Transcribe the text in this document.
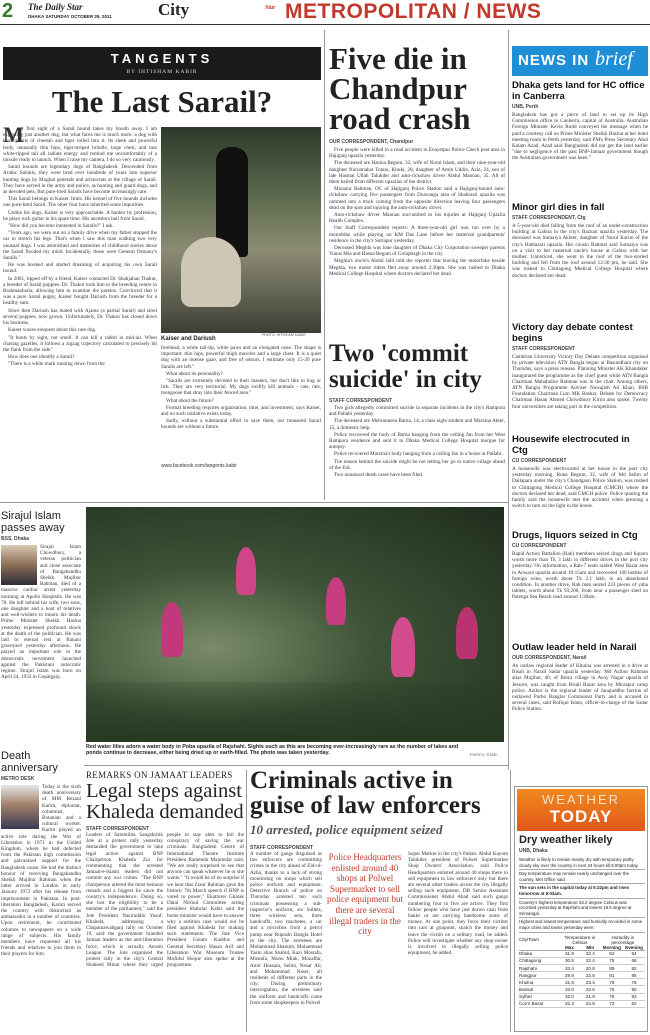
2 The Daily Star
DHAKA SATURDAY OCTOBER 29, 2011	City	Star METROPOLITAN / NEWS
TANGENTS
BY IHTISHAM KABIR
The Last Sarail?
M

y first sight of a Sarail hound takes my breath away. I am expecting just another dog, but what faces me is much more: a dog with healthy bits of cheetah and tiger rolled into it. Its sleek and powerful body, unusually thin hips, tiger-striped brindle, large chest, and taut white-tipped tail all radiate energy and remind me uncomfortably of a missile ready to launch. When I raise my camera, I do so very cautiously.

Sarail hounds are legendary dogs of Bangladesh. Descended from Arabic Salukis, they were bred over hundreds of years into superior hunting dogs by Mughal generals and aristocrats at the village of Sarail. They have served in the army and police, as hunting and guard dogs, and as devoted pets. But pure-bred Sarails have become increasingly rare.

This Sarail belongs to Kaiser. Imtis. His kennel of five hounds includes one pure-bred Sarail. The other four have inherited some impurities.

Unlike his dogs, Kaiser is very approachable. A banker by profession, he plays rock guitar in his spare time. His ancestors hail from Sarail.

"How did you become interested in Sarails?" I ask.

"Years ago, we were out on a family drive when my father stopped the car to stretch his legs. That's when I saw this man walking two very unusual dogs. I was astonished and memories of childhood stories about the Sarail flooded my mind. Incidentally, those were General Osmany's Sarails."

He was hooked and started dreaming of acquiring his own Sarail hound.

In 2001, tipped off by a friend, Kaiser contacted Dr. Shahjahan Thakur, a breeder of Sarail puppies. Dr. Thakur took him to the breeding centre in Brahmanbaria, allowing him to examine the parents. Convinced that it was a pure Sarail puppy, Kaiser bought Dariush from the breeder for a healthy sum.

Since then Dariush has mated with Ajanta (a partial Sarail) and sired several puppies, now grown. Unfortunately, Dr. Thakur has closed down his business.

Kaiser waxes eloquent about this rare dog.

"It hunts by sight, not smell. It can kill a rabbit in mid-air. When chasing gazelles, it follows a zigzag trajectory calculated to precisely hit the flank from the side."

How does one identify a Sarail?

"There is a white mark running down from the

Kaiser and Dariush
PHOTO: IHTISHAM KABIR

forehead, a white tail-tip, white paws and an elongated nose. The shape is important: thin hips, powerful thigh muscles and a large chest. It is a quiet dog with an intense gaze, and free of odours. I estimate only 15-20 pure Sarails are left."

What about its personality?

"Sarails are extremely devoted to their masters, but don't like to hug or lick. They are very territorial. My dogs swiftly kill animals - cats, rats, mongoose that stray into their fenced area."

What about the future?

Formal breeding requires organisation, time, and investment, says Kaiser, and no such initiative exists today.

Sadly, without a substantial effort to save them, our treasured Sarail hounds are without a future.

www.facebook.com/tangents.kabir
Five die in Chandpur road crash
OUR CORRESPONDENT, Chandpur

Five people were killed in a road accident in Enayetpur Police Check post area in Hajiganj upazila yesterday.

The deceased are Hasina Begum, 32, wife of Nurul Islam, and their nine-year-old daughter Nurunnahar Tonnu, Khuki, 28, daughter of Amin Uddin, Aziz, 24, son of late Hasmat Ullah Talukder and auto-rickshaw driver Abdul Mannan, 35. All of them hailed from different upazilas of the district.

Mizanur Rahman, OC of Hajiganj Police Station said a Hajiganj-bound auto-rickshaw carrying five passengers from Doavanga area of Shahrasti upazila was rammed into a truck coming from the opposite direction leaving four passengers dead on the spot and injuring the auto-rickshaw driver.

Auto-rickshaw driver Mannan succumbed to his injuries at Hajiganj Upazila Health Complex.

Our Staff Correspondent reports: A three-year-old girl was run over by a motorbike while playing on KM Das Lane before her maternal grandparents' residence in the city's Sutrapur yesterday.

Deceased Meghla was lone daughter of Dhaka City Corporation sweeper parents Yunus Mia and Hasna Begum of Golapbagh in the city.

Meghla's uncle's Abdul Jalil told the reporter that leaving the motorbike beside Meghla, two motor riders fled away around 2:30pm. She was rushed to Dhaka Medical College Hospital where doctors declared her dead.

Two 'commit suicide' in city
STAFF CORRESPONDENT

Two girls allegedly committed suicide in separate incidents in the city's Rampura and Pallabi yesterday.

The deceased are Mehrunnesa Barna, 14, a class eight student and Marzina Akter, 15, a domestic help.

Police recovered the body of Barna hanging from the ceiling fan from her West Rampura residence and sent it to Dhaka Medical College Hospital morgue for autopsy.

Police recovered Marzina's body hanging from a ceiling fan in a house at Pallabi.

The reason behind the suicide might be not letting her go to native village ahead of the Eid.

Two unnatural death cases have been filed.

NEWS IN brief
Dhaka gets land for HC office in Canberra
UNB, Perth
Bangladesh has got a piece of land to set up its High Commission office in Canberra, capital of Australia. Australian Foreign Minister Kevin Rudd conveyed the message when he paid a courtesy call on Prime Minister Sheikh Hasina at her hotel meeting room in Perth yesterday, said PM's Press Secretary Abul Kalam Azad. Azad said Bangladesh did not get the land earlier "due to negligence of the past BNP-Jamaat government though the Australian government was keen."
Minor girl dies in fall
STAFF CORRESPONDENT, Ctg
A 5-year-old died falling from the roof of an under-construction building at Gahira in the city's Bazuan upazila yesterday. The deceased was Sumaiya Akhter, daughter of Nurul Karim of the city's Hathazari upazila. Her cousin Rahmat said Sumaiya was on a visit to her maternal uncle's house at Gahira with her mother. Unnoticed, she went to the roof of the two-storied building and fell from the roof around 12:30 pm, he said. She was rushed to Chittagong Medical College Hospital where doctors declared her dead.
Victory day debate contest begins
STAFF CORRESPONDENT
Cambrian University Victory Day Debate competition organised by private television ATN Bangla began at Basundhara city on Thursday, says a press release. Planning Minister AK Khandaker inaugurated the programme as the chief guest while ATN Bangla Chairman Mahabubur Rahman was in the chair. Among others, ATN Bangla Programme Adviser Nawajish Ali Khan, BSB Foundation Chairman Lion MK Bashar, Debate for Democracy Chairman Hasan Ahmed Chowdhury Kiron also spoke. Twenty four universities are taking part in the competition.
Housewife electrocuted in Ctg
CU CORRESPONDENT
A housewife was electrocuted at her house in the port city yesterday morning. Runa Begum, 32, wife of Md Selim of Dailapara under the city's Chandgaon Police Station, was rushed to Chittagong Medical College Hospital (CMCH) where the doctors declared her dead, said CMCH police. Police quoting the family said the housewife met the accident when pressing a switch to turn on the light in the house.
Drugs, liquors seized in Ctg
CU CORRESPONDENT
Rapid Action Battalion (Rab) members seized drugs and liquors worth more than Tk 3 lakh in different drives in the port city yesterday. On information, a Rab-7 team raided West Bazar area in Anwara upazila around 10:15am and recovered 160 bottles of foreign wine, worth about Tk 2.1 lakh, in an abandoned condition. In another drive, Rab men seized 233 pieces of yaba tablets, worth about Tk 93,200, from near a passenger shed on Patenga Sea Beach road around 1:30am.
Outlaw leader held in Narail
OUR CORRESPONDENT, Narail
An outlaw regional leader of Khulna was arrested in a drive at Bisali in Narail Sadar upazila yesterday. Md Azibor Rahman alias Mujibur, 40, of Borni village in Avoy Nagar upazila of Jessore, was caught from Bisali Bazar area by Mirzapur camp police. Azibor is the regional leader of Janajuddho faction of outlawed Purbo Banglar Communist Party and is accused in several cases, said Rofiqul Islam, officer-in-charge of the Sadar Police Station.
Sirajul Islam passes away
BSS, Dhaka
Sirajul Islam Chowdhury, a veteran politician and close associate of Bangabandhu Sheikh Mujibur Rahman, died of a massive cardiac arrest yesterday morning at Apollo Hospitals. He was 78. He left behind his wife, two sons, one daughter and a host of relatives and well-wishers to mourn his death. Prime Minister Sheikh Hasina yesterday expressed profound shock at the death of the politician. He was laid to eternal rest at Banani graveyard yesterday afternoon. He played an important role in the democratic movement launched against the Pakistani autocratic regime. Sirajul Islam was born on April 24, 1933 in Gopalganj.
Death anniversary
METRO DESK
Today is the sixth death anniversary of MM Rezaul Karim, diplomat, columnist, Botanian and a cultural worker. Karim played an active role during the War of Liberation in 1971 in the United Kingdom, where he had defected from the Pakistan high commission and galvanised support for the Bangladesh cause. He had the distinct honour of receiving Bangabandhu Sheikh Mujibur Rahman when the latter arrived in London in early January 1972 after his release from imprisonment in Pakistan. In post-liberation Bangladesh, Karim served the country with distinction as ambassador in a number of countries. Upon retirement, he contributed columns to newspapers on a wide range of subjects. His family members have requested all his friends and relatives to join them in their prayers for him.
Red water lilies adorn a water body in Poba upazila of Rajshahi. Sights such as this are becoming ever-increasingly rare as the number of lakes and ponds continue to decrease, either being dried up or earth-filled. The photo was taken yesterday.	PHOTO: STAR
REMARKS ON JAMAAT LEADERS
Legal steps against Khaleda demanded
STAFF CORRESPONDENT
Leaders of Sammilita Sangskritik Jote at a protest rally yesterday demanded the government to take legal action against BNP Chairperson Khaleda Zia for commenting that the arrested Jamaat-e-Islami leaders did not commit any war crimes. "The BNP chairperson uttered the most heinous remark and a biggest lie since the country's independence. Doing so, she lost the eligibility to be a member of the parliament," said the Jote President Nasiruddin Yusuf. Khaleda, addressing a Chapainawabganj rally on October 19, said the government branded Jamaat leaders as the anti-liberation force, which is actually Awami League. The Jote organised the protest rally in the city's Central Shaheed Minar where they urged people to stay alert to foil the conspiracy of saving the war criminals. Bangladesh Centre of International Theatre Institute President Ramendu Majumdar said, "We are really surprised to see that anyone can speak whatever he or she wants." "It would be of no surprise if we hear that Ziaur Rahman gave the historic 7th March speech if BNP is voted to power," Ekattorer Ghatak Dalal Nirmul Committee acting president Shahriar Kabir said the home minister would have to answer why a sedition case would not be filed against Khaleda for making such statements. The Jote Vice President Golam Kuddus and General Secretary Hasan Arif and Liberation War Museum Trustee Mofidul Hoque also spoke at the programme.
Criminals active in guise of law enforcers
10 arrested, police equipment seized
STAFF CORRESPONDENT
A number of gangs disguised as law enforcers are committing crimes in the city ahead of Eid-ul-Azha, thanks to a lack of strong monitoring on shops which sell police uniform and equipment. Detective Branch of police on Thursday arrested ten such criminals possessing a sub-inspector's uniform, six bullets, three wireless sets, three handcuffs, two machetes, a car and a microbus from a petrol pump near Rupashi Bangla Hotel in the city. The arrestees are Mohammad Shamim, Mohammad Yasin alias Shahid, Kazi Mostafa, Mostafa, Monu Miah, Mozaffar, Amir Hossain, Selim, Nesar Ali, and Mohammad Naser, all residents of different parts in the city. During preliminary interrogation, the arrestees said the uniform and handcuffs came from some shopkeepers in Polwel
Police Headquarters enlisted around 40 shops at Polwel Supermarket to sell police equipment but there are several illegal traders in the city
Super Market in the city's Paltan. Abdul Kayum Talukder, president of Polwel Supermarket Shop Owners' Association, said Police Headquarters enlisted around 40 shops there to sell equipment to law enforcers only but there are several other traders across the city illegally selling such equipment. DB Senior Assistant Commissioner Abdul Ahad said such gangs numbering four to five are active. They first follow people who have just drawn cash from banks or are carrying handsome sums of money. At one point, they force their victims into cars at gunpoint, snatch the money and leave the victim on a solitary road, he added. Police will investigate whether any shop owner is involved in illegally selling police equipment, he added.
WEATHER
TODAY
Dry weather likely
UNB, Dhaka
Weather is likely to remain mainly dry with temporary partly cloudy sky over the country in next 24 hours till 6:00pm today.
Day temperature may remain nearly unchanged over the country, Met Office said.
The sun sets in the capital today at 5:22pm and rises tomorrow at 6:03am.
Country's highest temperature 33.2 degree Celsius was recorded yesterday at Rajshahi and lowest 19.5 degree at Srimangal.
Highest and lowest temperature and humidity recorded in some major cities and towns yesterday were:
City/Town	Temperature in Celsius		Humidity in percentage	
	Max	Min	Morning	Evening
Dhaka	31.8	22.4	62	64
Chittagong	30.8	22.4	75	68
Rajshahi	33.4	20.8	89	82
Rangpur	29.5	22.8	81	85
Khulna	31.8	23.4	76	76
Barisal	32.0	22.6	75	90
Sylhet	32.0	21.9	75	83
Cox's Bazar	32.3	24.8	72	62
